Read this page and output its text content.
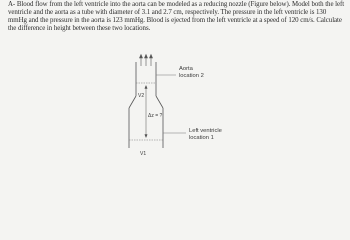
A- Blood flow from the left ventricle into the aorta can be modeled as a reducing nozzle (Figure below). Model both the left ventricle and the aorta as a tube with diameter of 3.1 and 2.7 cm, respectively. The pressure in the left ventricle is 130 mmHg and the pressure in the aorta is 123 mmHg. Blood is ejected from the left ventricle at a speed of 120 cm/s. Calculate the difference in height between these two locations.

Aorta
location 2
Left ventricle
location 1
V2
V1
Δz = ?
